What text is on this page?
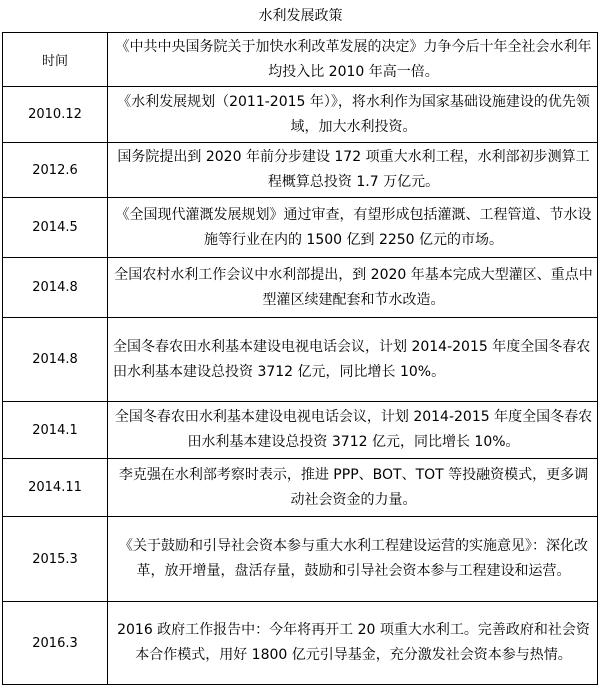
水利发展政策
时间	《中共中央国务院关于加快水利改革发展的决定》力争今后十年全社会水利年均投入比 2010 年高一倍。
2010.12	《水利发展规划（2011-2015 年）》，将水利作为国家基础设施建设的优先领域，加大水利投资。
2012.6	国务院提出到 2020 年前分步建设 172 项重大水利工程，水利部初步测算工程概算总投资 1.7 万亿元。
2014.5	《全国现代灌溉发展规划》通过审查，有望形成包括灌溉、工程管道、节水设施等行业在内的 1500 亿到 2250 亿元的市场。
2014.8	全国农村水利工作会议中水利部提出，到 2020 年基本完成大型灌区、重点中型灌区续建配套和节水改造。
2014.8	全国冬春农田水利基本建设电视电话会议，计划 2014-2015 年度全国冬春农田水利基本建设总投资 3712 亿元，同比增长 10%。
2014.1	全国冬春农田水利基本建设电视电话会议，计划 2014-2015 年度全国冬春农田水利基本建设总投资 3712 亿元，同比增长 10%。
2014.11	李克强在水利部考察时表示，推进 PPP、BOT、TOT 等投融资模式，更多调动社会资金的力量。
2015.3	《关于鼓励和引导社会资本参与重大水利工程建设运营的实施意见》：深化改革，放开增量，盘活存量，鼓励和引导社会资本参与工程建设和运营。
2016.3	2016 政府工作报告中：今年将再开工 20 项重大水利工。完善政府和社会资本合作模式，用好 1800 亿元引导基金，充分激发社会资本参与热情。
